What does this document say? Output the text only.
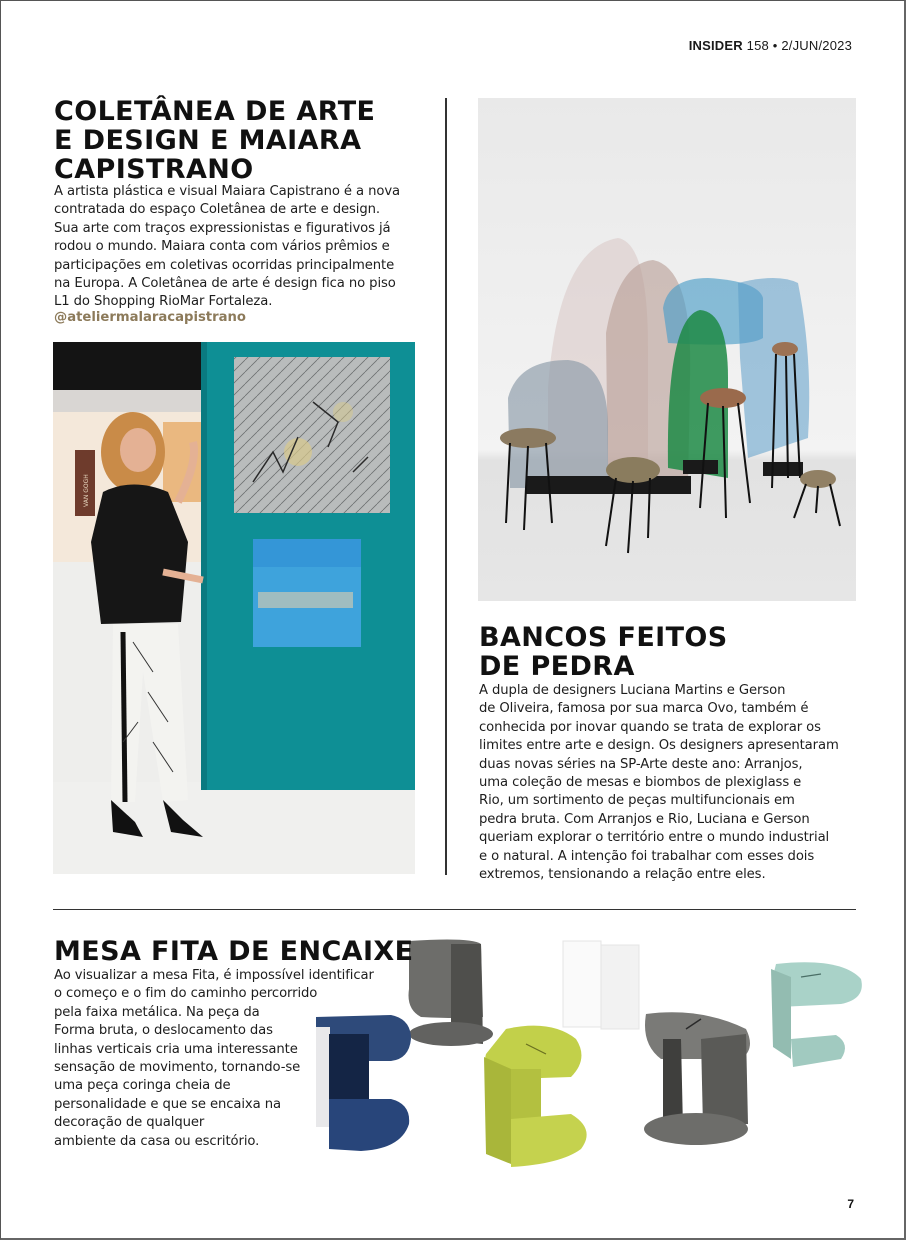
INSIDER 158 • 2/JUN/2023
COLETÂNEA DE ARTE
E DESIGN E MAIARA
CAPISTRANO
A artista plástica e visual Maiara Capistrano é a nova
contratada do espaço Coletânea de arte e design.
Sua arte com traços expressionistas e figurativos já
rodou o mundo. Maiara conta com vários prêmios e
participações em coletivas ocorridas principalmente
na Europa. A Coletânea de arte é design fica no piso
L1 do Shopping RioMar Fortaleza.
@ateliermalaracapistrano
VAN GOGH
BANCOS FEITOS
DE PEDRA
A dupla de designers Luciana Martins e Gerson
de Oliveira, famosa por sua marca Ovo, também é
conhecida por inovar quando se trata de explorar os
limites entre arte e design. Os designers apresentaram
duas novas séries na SP-Arte deste ano: Arranjos,
uma coleção de mesas e biombos de plexiglass e
Rio, um sortimento de peças multifuncionais em
pedra bruta. Com Arranjos e Rio, Luciana e Gerson
queriam explorar o território entre o mundo industrial
e o natural. A intenção foi trabalhar com esses dois
extremos, tensionando a relação entre eles.
MESA FITA DE ENCAIXE
Ao visualizar a mesa Fita, é impossível identificar
o começo e o fim do caminho percorrido
pela faixa metálica. Na peça da
Forma bruta, o deslocamento das
linhas verticais cria uma interessante
sensação de movimento, tornando-se
uma peça coringa cheia de
personalidade e que se encaixa na
decoração de qualquer
ambiente da casa ou escritório.
7
